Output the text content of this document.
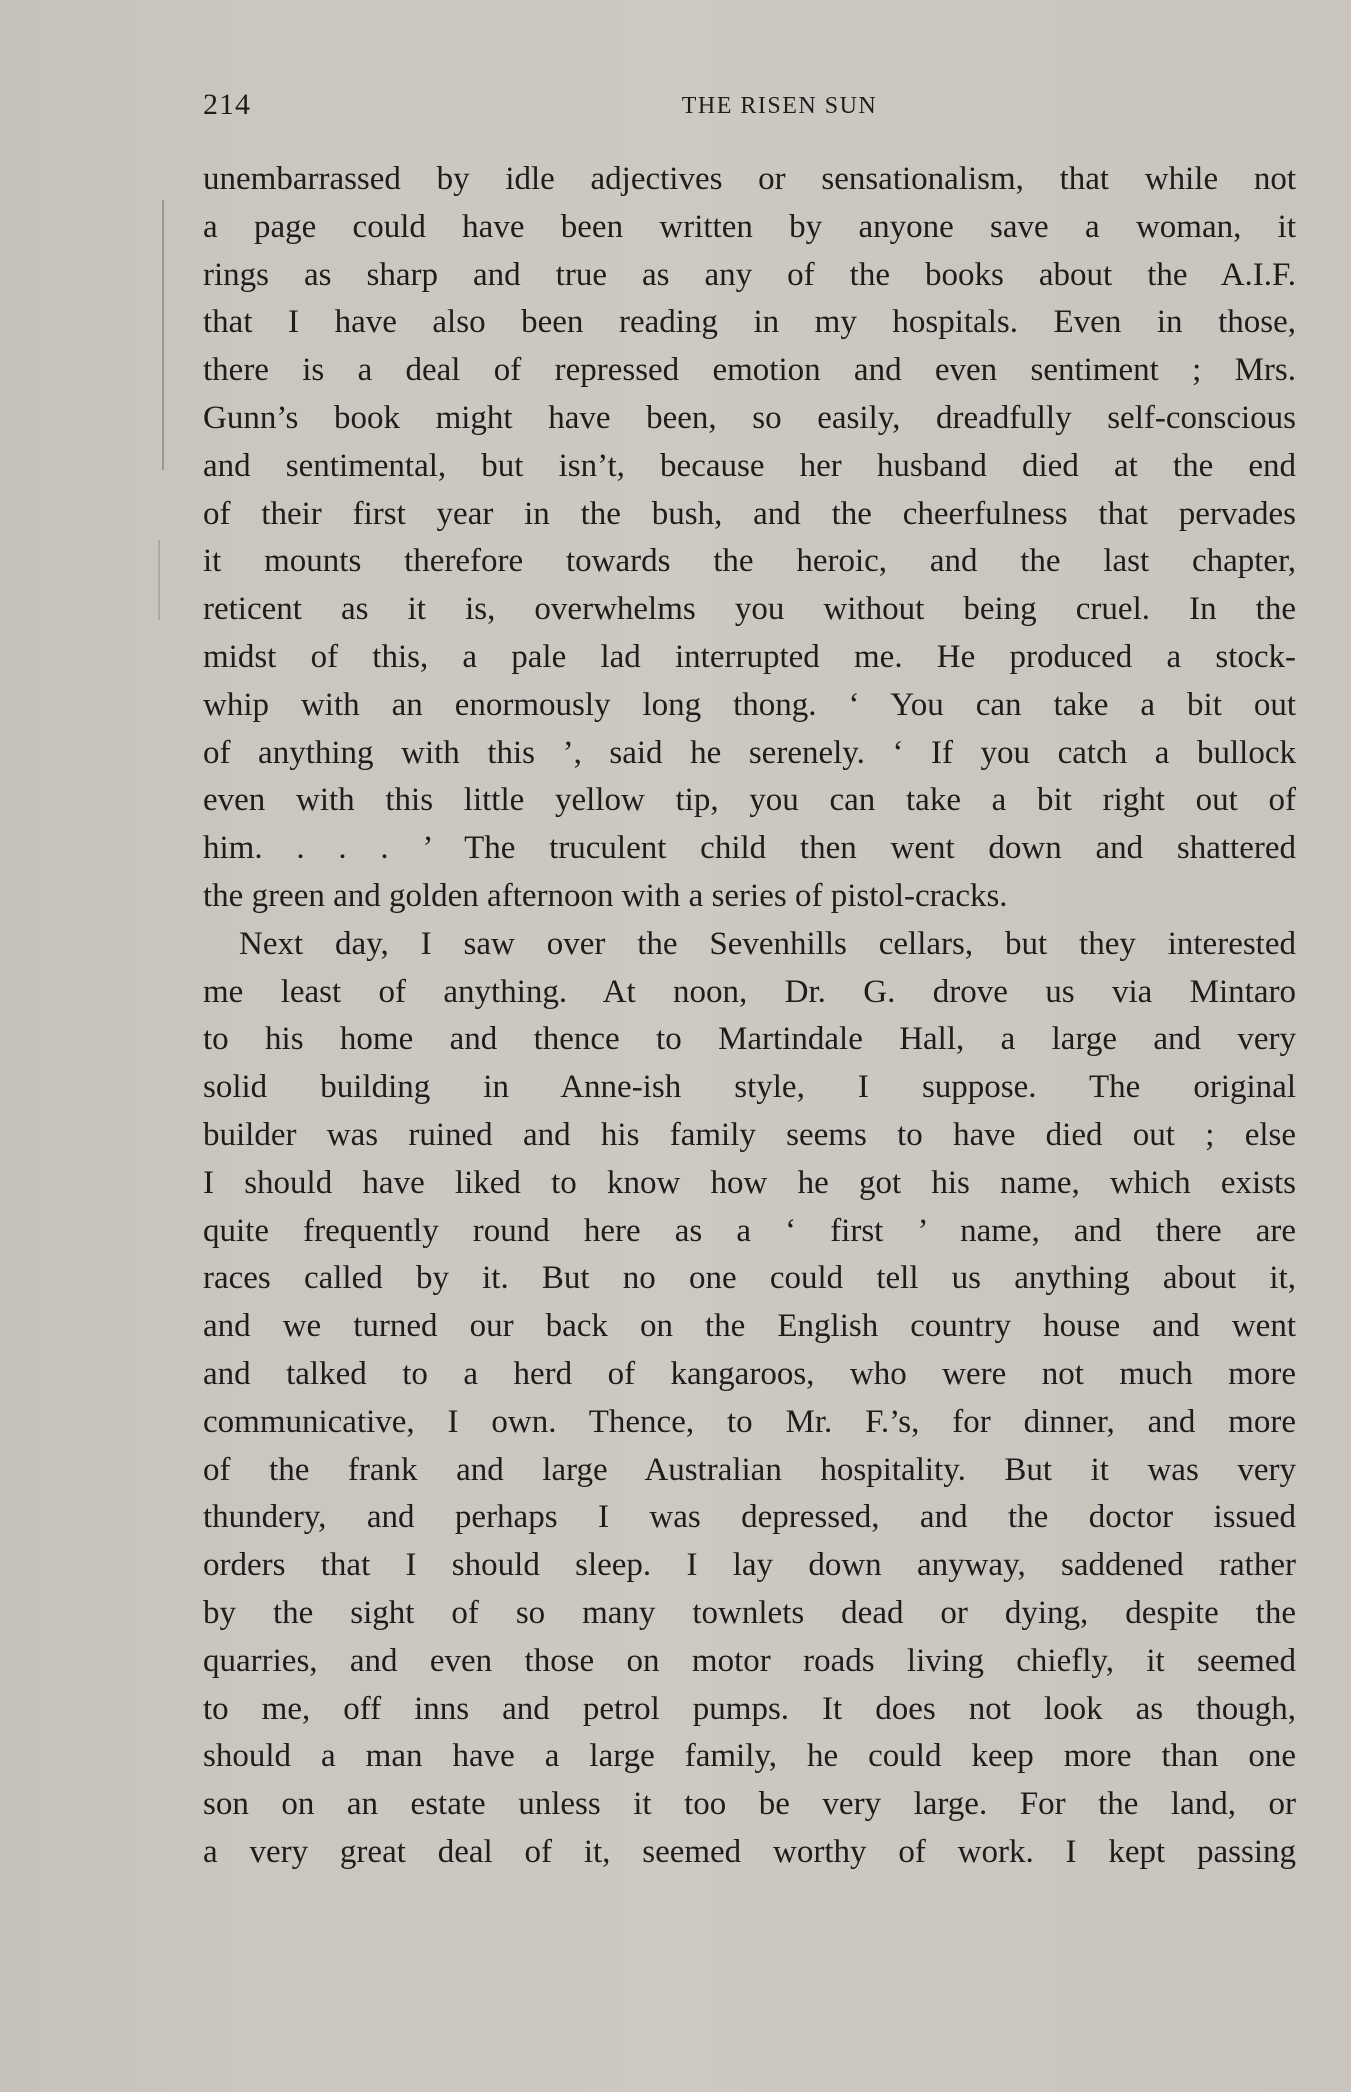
214	THE RISEN SUN
unembarrassed by idle adjectives or sensationalism, that while not
a page could have been written by anyone save a woman, it
rings as sharp and true as any of the books about the A.I.F.
that I have also been reading in my hospitals. Even in those,
there is a deal of repressed emotion and even sentiment ; Mrs.
Gunn’s book might have been, so easily, dreadfully self-conscious
and sentimental, but isn’t, because her husband died at the end
of their first year in the bush, and the cheerfulness that pervades
it mounts therefore towards the heroic, and the last chapter,
reticent as it is, overwhelms you without being cruel. In the
midst of this, a pale lad interrupted me. He produced a stock-
whip with an enormously long thong. ‘ You can take a bit out
of anything with this ’, said he serenely. ‘ If you catch a bullock
even with this little yellow tip, you can take a bit right out of
him. . . . ’ The truculent child then went down and shattered
the green and golden afternoon with a series of pistol-cracks.
Next day, I saw over the Sevenhills cellars, but they interested
me least of anything. At noon, Dr. G. drove us via Mintaro
to his home and thence to Martindale Hall, a large and very
solid building in Anne-ish style, I suppose. The original
builder was ruined and his family seems to have died out ; else
I should have liked to know how he got his name, which exists
quite frequently round here as a ‘ first ’ name, and there are
races called by it. But no one could tell us anything about it,
and we turned our back on the English country house and went
and talked to a herd of kangaroos, who were not much more
communicative, I own. Thence, to Mr. F.’s, for dinner, and more
of the frank and large Australian hospitality. But it was very
thundery, and perhaps I was depressed, and the doctor issued
orders that I should sleep. I lay down anyway, saddened rather
by the sight of so many townlets dead or dying, despite the
quarries, and even those on motor roads living chiefly, it seemed
to me, off inns and petrol pumps. It does not look as though,
should a man have a large family, he could keep more than one
son on an estate unless it too be very large. For the land, or
a very great deal of it, seemed worthy of work. I kept passing
